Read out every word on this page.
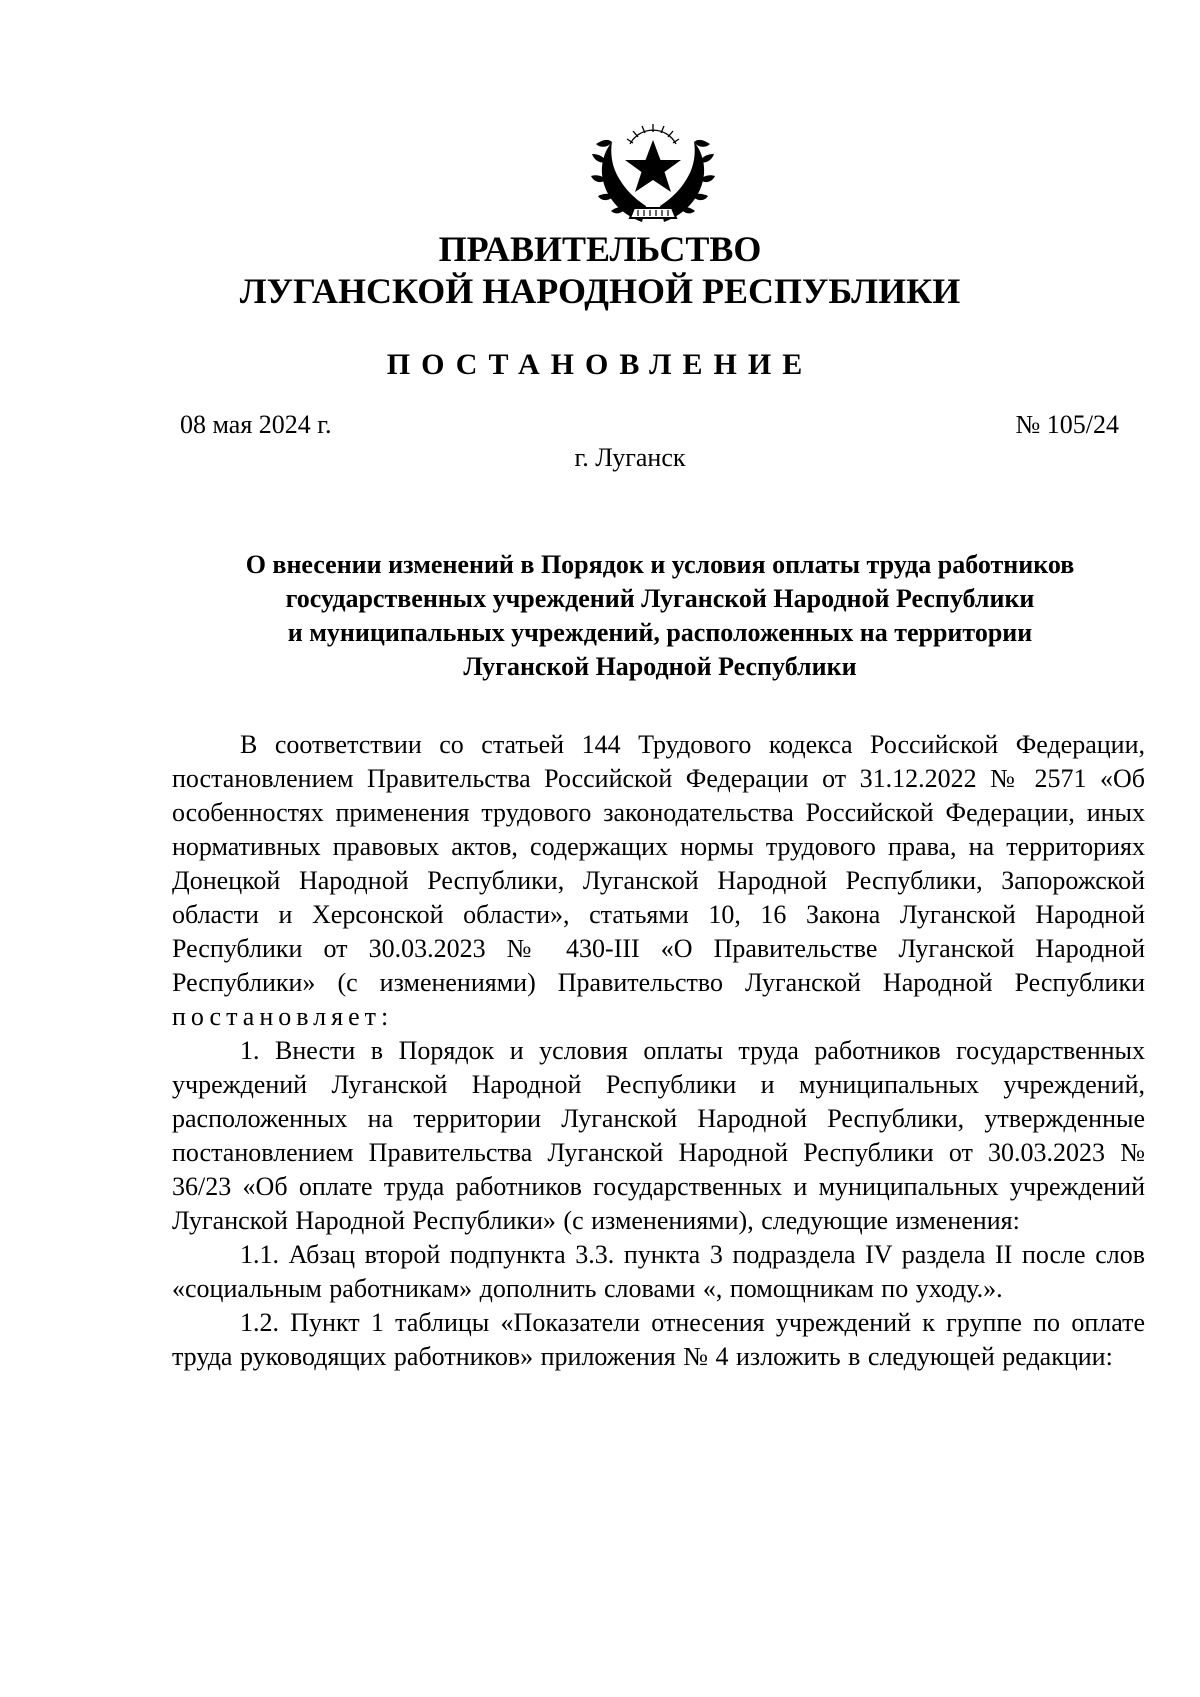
ПРАВИТЕЛЬСТВО
ЛУГАНСКОЙ НАРОДНОЙ РЕСПУБЛИКИ
ПОСТАНОВЛЕНИЕ
08 мая 2024 г.	№ 105/24
г. Луганск
О внесении изменений в Порядок и условия оплаты труда работников
государственных учреждений Луганской Народной Республики
и муниципальных учреждений, расположенных на территории
Луганской Народной Республики

В соответствии со статьей 144 Трудового кодекса Российской Федерации, постановлением Правительства Российской Федерации от 31.12.2022 № 2571 «Об особенностях применения трудового законодательства Российской Федерации, иных нормативных правовых актов, содержащих нормы трудового права, на территориях Донецкой Народной Республики, Луганской Народной Республики, Запорожской области и Херсонской области», статьями 10, 16 Закона Луганской Народной Республики от 30.03.2023 № 430-III «О Правительстве Луганской Народной Республики» (с изменениями) Правительство Луганской Народной Республики постановляет:

1. Внести в Порядок и условия оплаты труда работников государственных учреждений Луганской Народной Республики и муниципальных учреждений, расположенных на территории Луганской Народной Республики, утвержденные постановлением Правительства Луганской Народной Республики от 30.03.2023 № 36/23 «Об оплате труда работников государственных и муниципальных учреждений Луганской Народной Республики» (с изменениями), следующие изменения:

1.1. Абзац второй подпункта 3.3. пункта 3 подраздела IV раздела II после слов «социальным работникам» дополнить словами «, помощникам по уходу.».

1.2. Пункт 1 таблицы «Показатели отнесения учреждений к группе по оплате труда руководящих работников» приложения № 4 изложить в следующей редакции:
